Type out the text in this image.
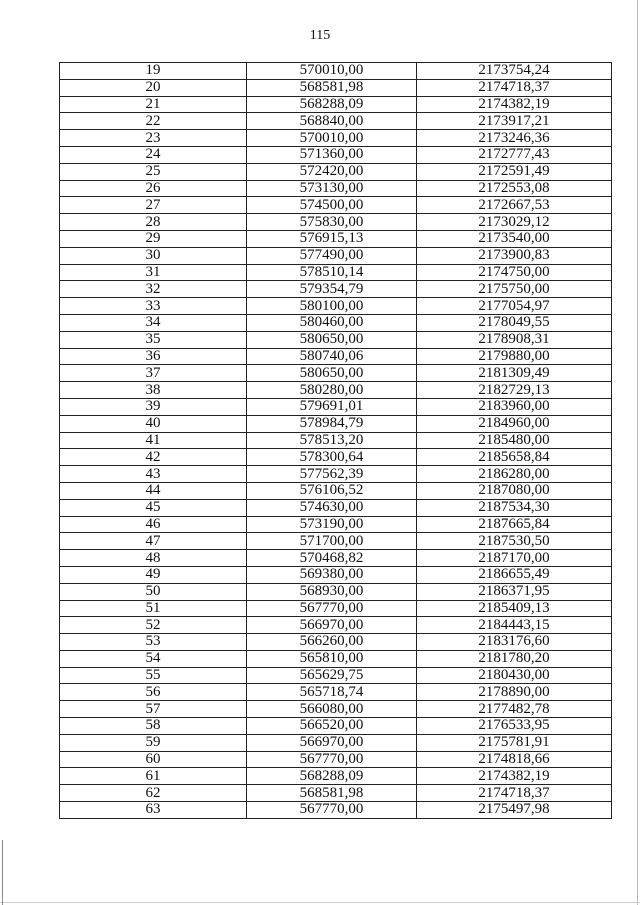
115
19	570010,00	2173754,24
20	568581,98	2174718,37
21	568288,09	2174382,19
22	568840,00	2173917,21
23	570010,00	2173246,36
24	571360,00	2172777,43
25	572420,00	2172591,49
26	573130,00	2172553,08
27	574500,00	2172667,53
28	575830,00	2173029,12
29	576915,13	2173540,00
30	577490,00	2173900,83
31	578510,14	2174750,00
32	579354,79	2175750,00
33	580100,00	2177054,97
34	580460,00	2178049,55
35	580650,00	2178908,31
36	580740,06	2179880,00
37	580650,00	2181309,49
38	580280,00	2182729,13
39	579691,01	2183960,00
40	578984,79	2184960,00
41	578513,20	2185480,00
42	578300,64	2185658,84
43	577562,39	2186280,00
44	576106,52	2187080,00
45	574630,00	2187534,30
46	573190,00	2187665,84
47	571700,00	2187530,50
48	570468,82	2187170,00
49	569380,00	2186655,49
50	568930,00	2186371,95
51	567770,00	2185409,13
52	566970,00	2184443,15
53	566260,00	2183176,60
54	565810,00	2181780,20
55	565629,75	2180430,00
56	565718,74	2178890,00
57	566080,00	2177482,78
58	566520,00	2176533,95
59	566970,00	2175781,91
60	567770,00	2174818,66
61	568288,09	2174382,19
62	568581,98	2174718,37
63	567770,00	2175497,98
